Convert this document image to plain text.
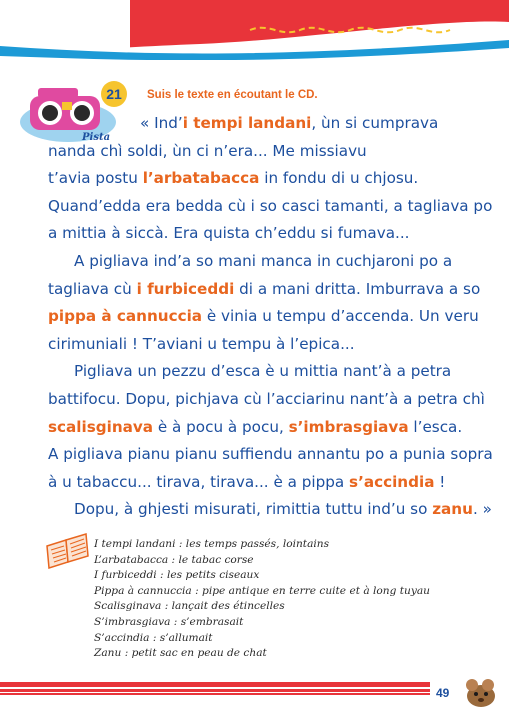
21
Pista
Suis le texte en écoutant le CD.
« Ind’i tempi landani, ùn si cumprava
nanda chì soldi, ùn ci n’era... Me missiavu
t’avia postu l’arbatabacca in fondu di u chjosu.
Quand’edda era bedda cù i so casci tamanti, a tagliava po
a mittia à siccà. Era quista ch’eddu si fumava...
A pigliava ind’a so mani manca in cuchjaroni po a
tagliava cù i furbiceddi di a mani dritta. Imburrava a so
pippa à cannuccia è vinia u tempu d’accenda. Un veru
cirimuniali ! T’aviani u tempu à l’epica...
Pigliava un pezzu d’esca è u mittia nant’à a petra
battifocu. Dopu, pichjava cù l’acciarinu nant’à a petra chì
scalisginava è à pocu à pocu, s’imbrasgiava l’esca.
A pigliava pianu pianu suffiendu annantu po a punia sopra
à u tabaccu... tirava, tirava... è a pippa s’accindia !
Dopu, à ghjesti misurati, rimittia tuttu ind’u so zanu. »
I tempi landani : les temps passés, lointains
L’arbatabacca : le tabac corse
I furbiceddi : les petits ciseaux
Pippa à cannuccia : pipe antique en terre cuite et à long tuyau
Scalisginava : lançait des étincelles
S’imbrasgiava : s’embrasait
S’accindia : s’allumait
Zanu : petit sac en peau de chat
49
